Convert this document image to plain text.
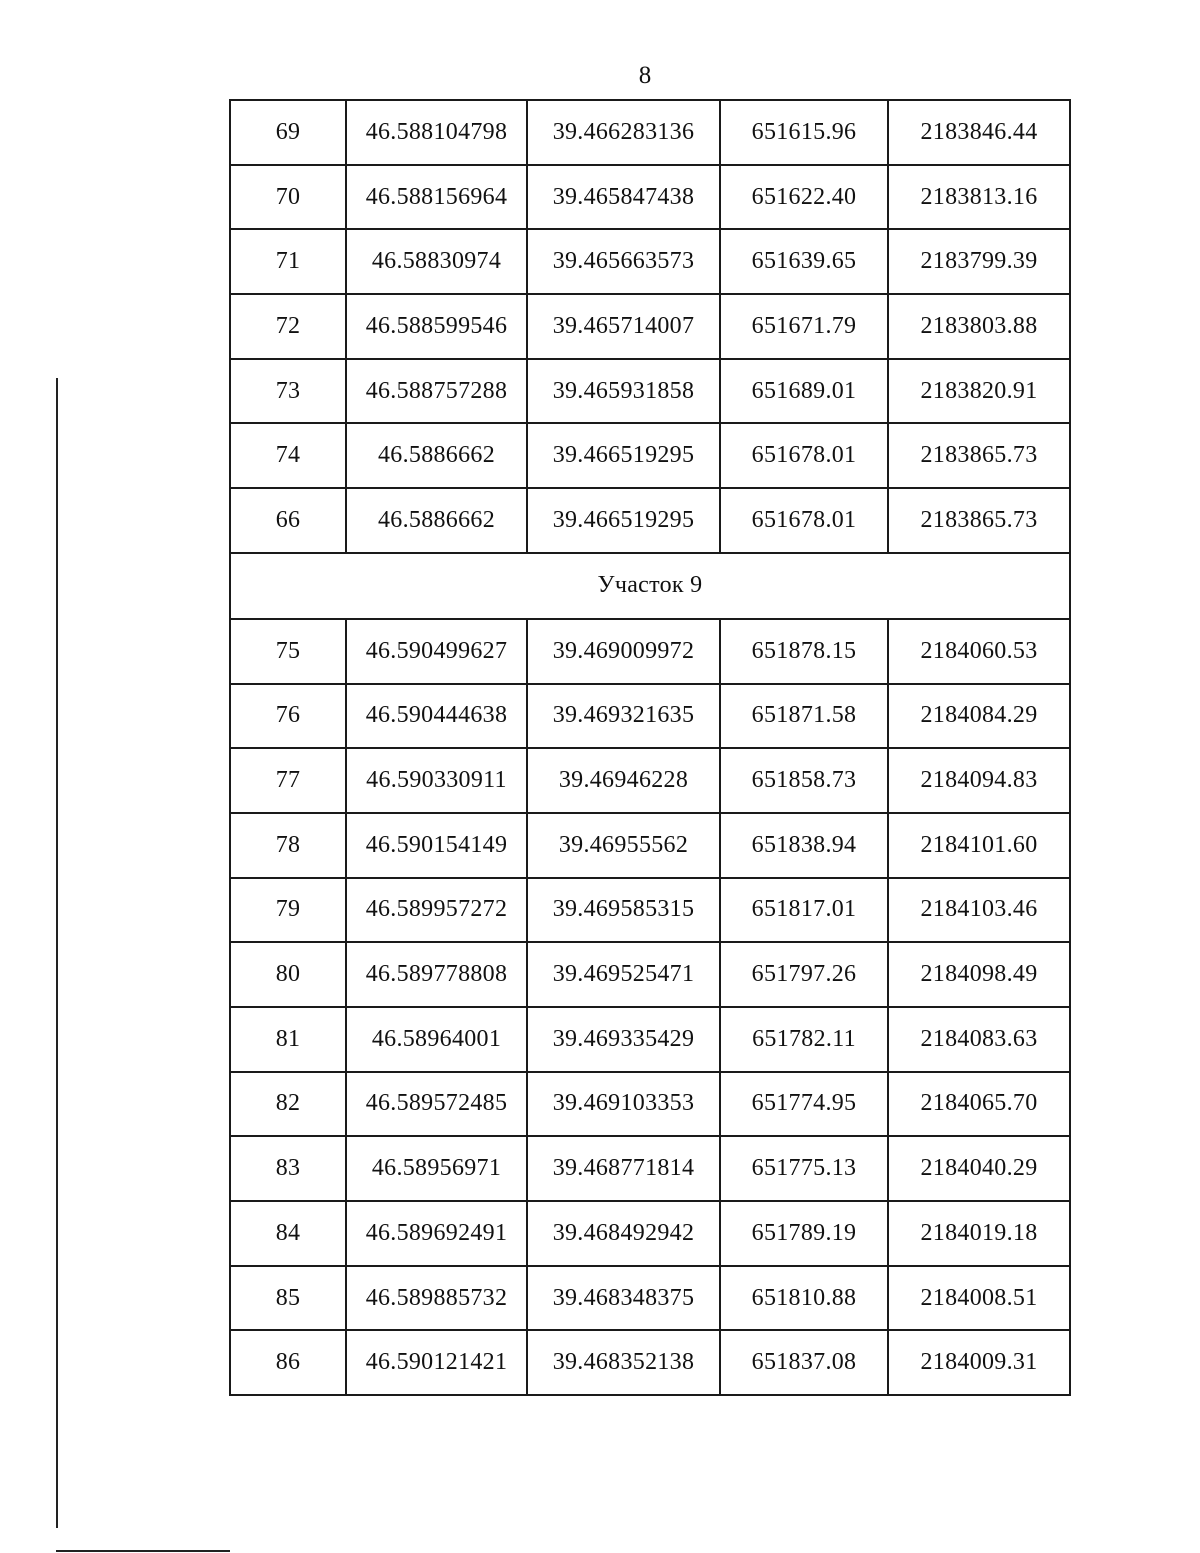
8
69	46.588104798	39.466283136	651615.96	2183846.44
70	46.588156964	39.465847438	651622.40	2183813.16
71	46.58830974	39.465663573	651639.65	2183799.39
72	46.588599546	39.465714007	651671.79	2183803.88
73	46.588757288	39.465931858	651689.01	2183820.91
74	46.5886662	39.466519295	651678.01	2183865.73
66	46.5886662	39.466519295	651678.01	2183865.73
Участок 9				
75	46.590499627	39.469009972	651878.15	2184060.53
76	46.590444638	39.469321635	651871.58	2184084.29
77	46.590330911	39.46946228	651858.73	2184094.83
78	46.590154149	39.46955562	651838.94	2184101.60
79	46.589957272	39.469585315	651817.01	2184103.46
80	46.589778808	39.469525471	651797.26	2184098.49
81	46.58964001	39.469335429	651782.11	2184083.63
82	46.589572485	39.469103353	651774.95	2184065.70
83	46.58956971	39.468771814	651775.13	2184040.29
84	46.589692491	39.468492942	651789.19	2184019.18
85	46.589885732	39.468348375	651810.88	2184008.51
86	46.590121421	39.468352138	651837.08	2184009.31
